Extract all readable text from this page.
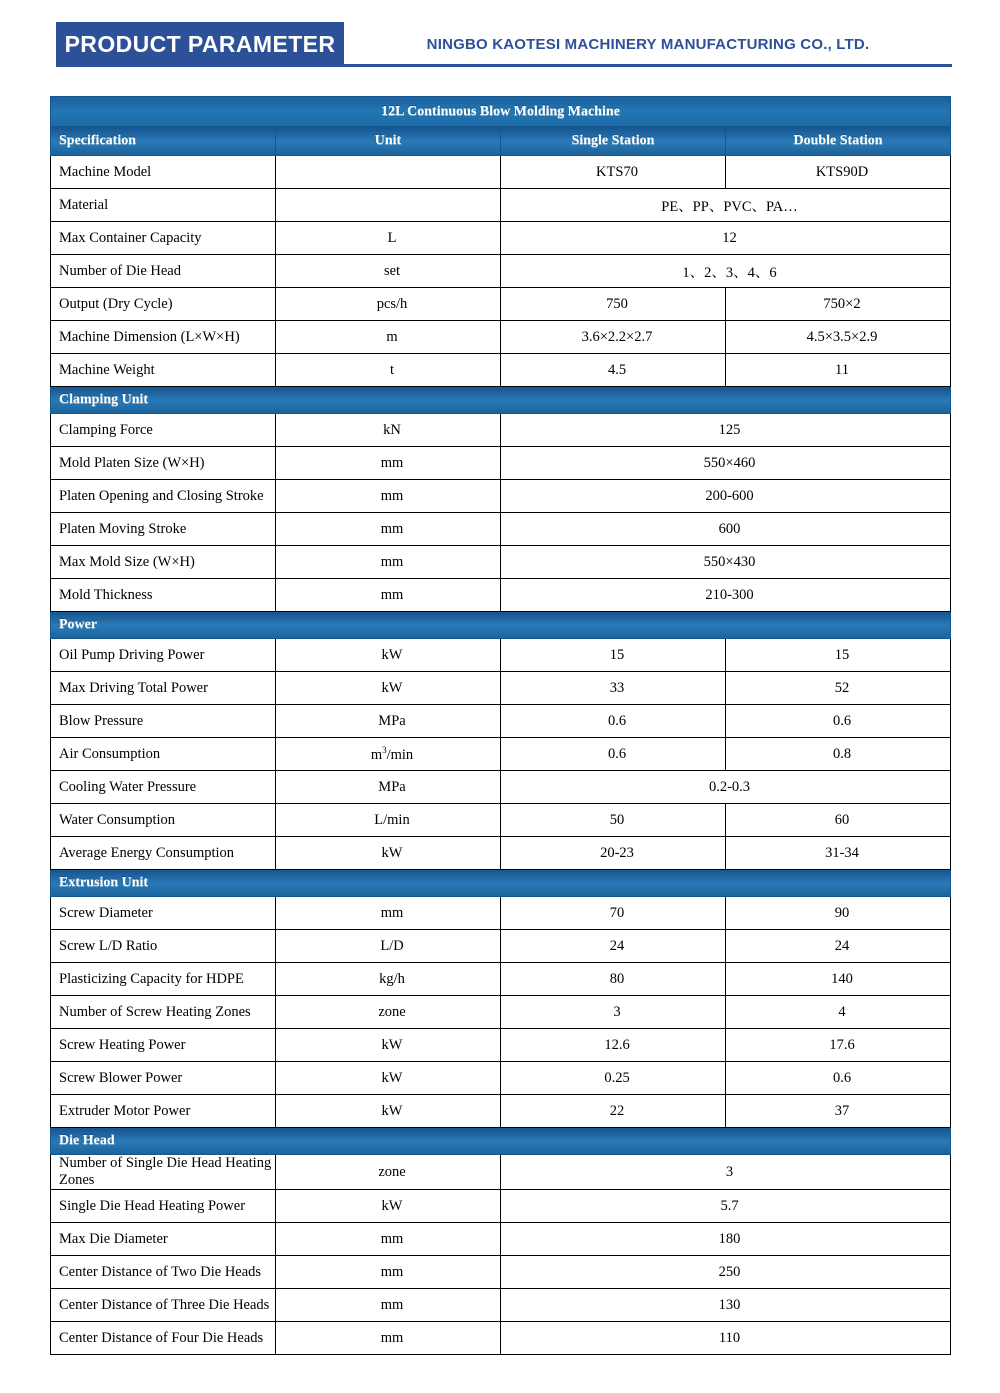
PRODUCT PARAMETER	NINGBO KAOTESI MACHINERY MANUFACTURING CO., LTD.
12L Continuous Blow Molding Machine			
Specification	Unit	Single Station	Double Station
Machine Model		KTS70	KTS90D
Material		PE、PP、PVC、PA…	
Max Container Capacity	L	12	
Number of Die Head	set	1、2、3、4、6	
Output (Dry Cycle)	pcs/h	750	750×2
Machine Dimension (L×W×H)	m	3.6×2.2×2.7	4.5×3.5×2.9
Machine Weight	t	4.5	11
Clamping Unit			
Clamping Force	kN	125	
Mold Platen Size (W×H)	mm	550×460	
Platen Opening and Closing Stroke	mm	200-600	
Platen Moving Stroke	mm	600	
Max Mold Size (W×H)	mm	550×430	
Mold Thickness	mm	210-300	
Power			
Oil Pump Driving Power	kW	15	15
Max Driving Total Power	kW	33	52
Blow Pressure	MPa	0.6	0.6
Air Consumption	$m^3/\min$	0.6	0.8
Cooling Water Pressure	MPa	0.2-0.3	
Water Consumption	L/min	50	60
Average Energy Consumption	kW	20-23	31-34
Extrusion Unit			
Screw Diameter	mm	70	90
Screw L/D Ratio	L/D	24	24
Plasticizing Capacity for HDPE	kg/h	80	140
Number of Screw Heating Zones	zone	3	4
Screw Heating Power	kW	12.6	17.6
Screw Blower Power	kW	0.25	0.6
Extruder Motor Power	kW	22	37
Die Head			
Number of Single Die Head Heating Zones	zone	3	
Single Die Head Heating Power	kW	5.7	
Max Die Diameter	mm	180	
Center Distance of Two Die Heads	mm	250	
Center Distance of Three Die Heads	mm	130	
Center Distance of Four Die Heads	mm	110	
